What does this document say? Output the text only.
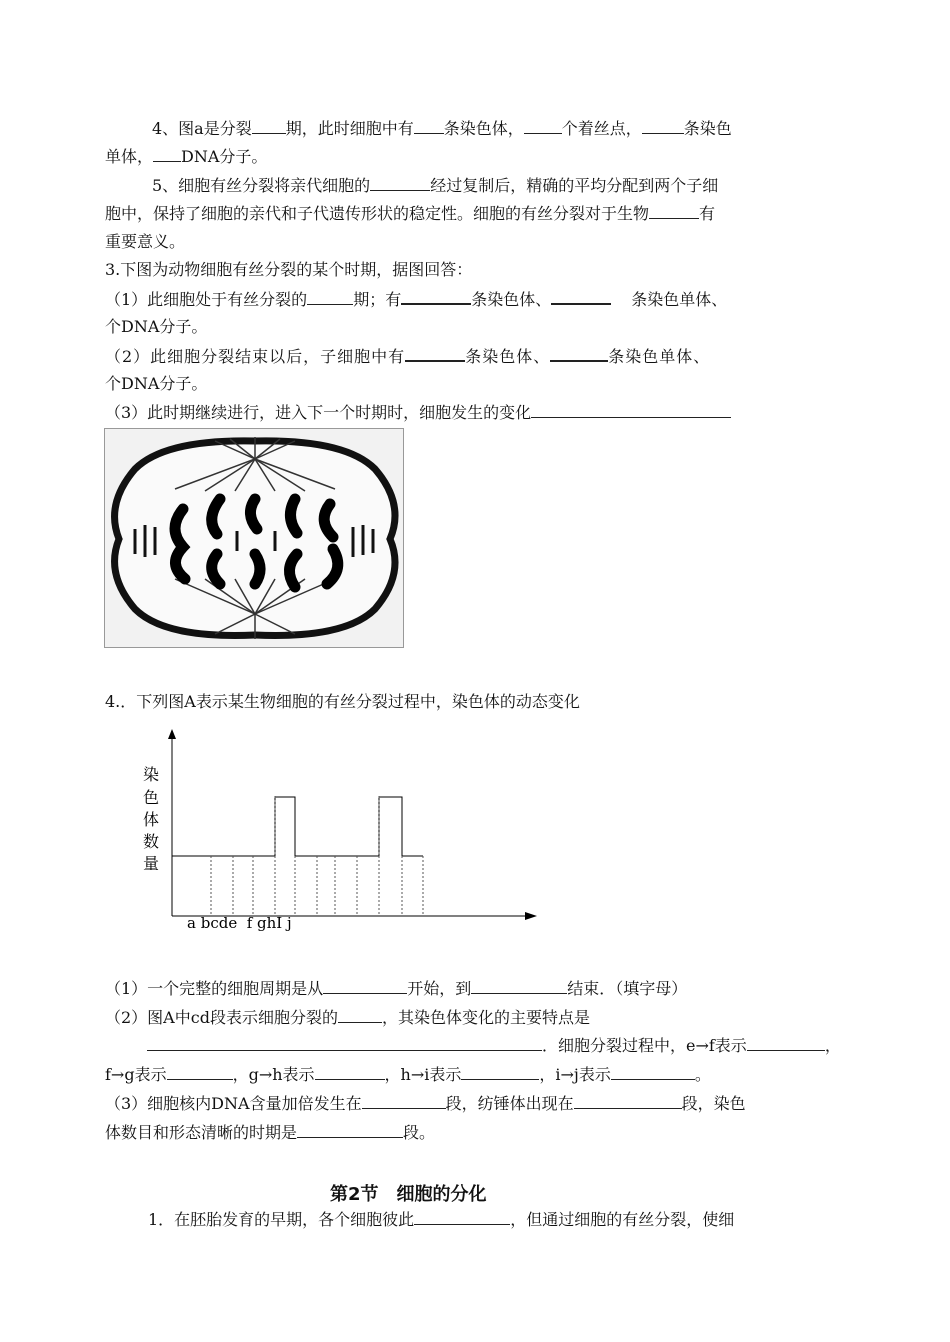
4、图a是分裂 期，此时细胞中有 条染色体， 个着丝点，	条染色
单体， DNA分子。
5、细胞有丝分裂将亲代细胞的	经过复制后，精确的平均分配到两个子细
胞中，保持了细胞的亲代和子代遗传形状的稳定性。细胞的有丝分裂对于生物	有
重要意义。
3.下图为动物细胞有丝分裂的某个时期，据图回答：
（1）此细胞处于有丝分裂的	期；有	条染色体、	条染色单体、
个DNA分子。
（2）此细胞分裂结束以后，子细胞中有	条染色体、	条染色单体、
个DNA分子。
（3）此时期继续进行，进入下一个时期时，细胞发生的变化
4.．下列图A表示某生物细胞的有丝分裂过程中，染色体的动态变化
染
色
体
数
量
a bcde  f ghI j
（1）一个完整的细胞周期是从	开始，到	结束．（填字母）
（2）图A中cd段表示细胞分裂的	，其染色体变化的主要特点是
．细胞分裂过程中，e→f表示	，
f→g表示	，g→h表示	，h→i表示	，i→j表示	。
（3）细胞核内DNA含量加倍发生在	段，纺锤体出现在	段，染色
体数目和形态清晰的时期是	段。
第2节　细胞的分化
1．在胚胎发育的早期，各个细胞彼此	，但通过细胞的有丝分裂，使细
